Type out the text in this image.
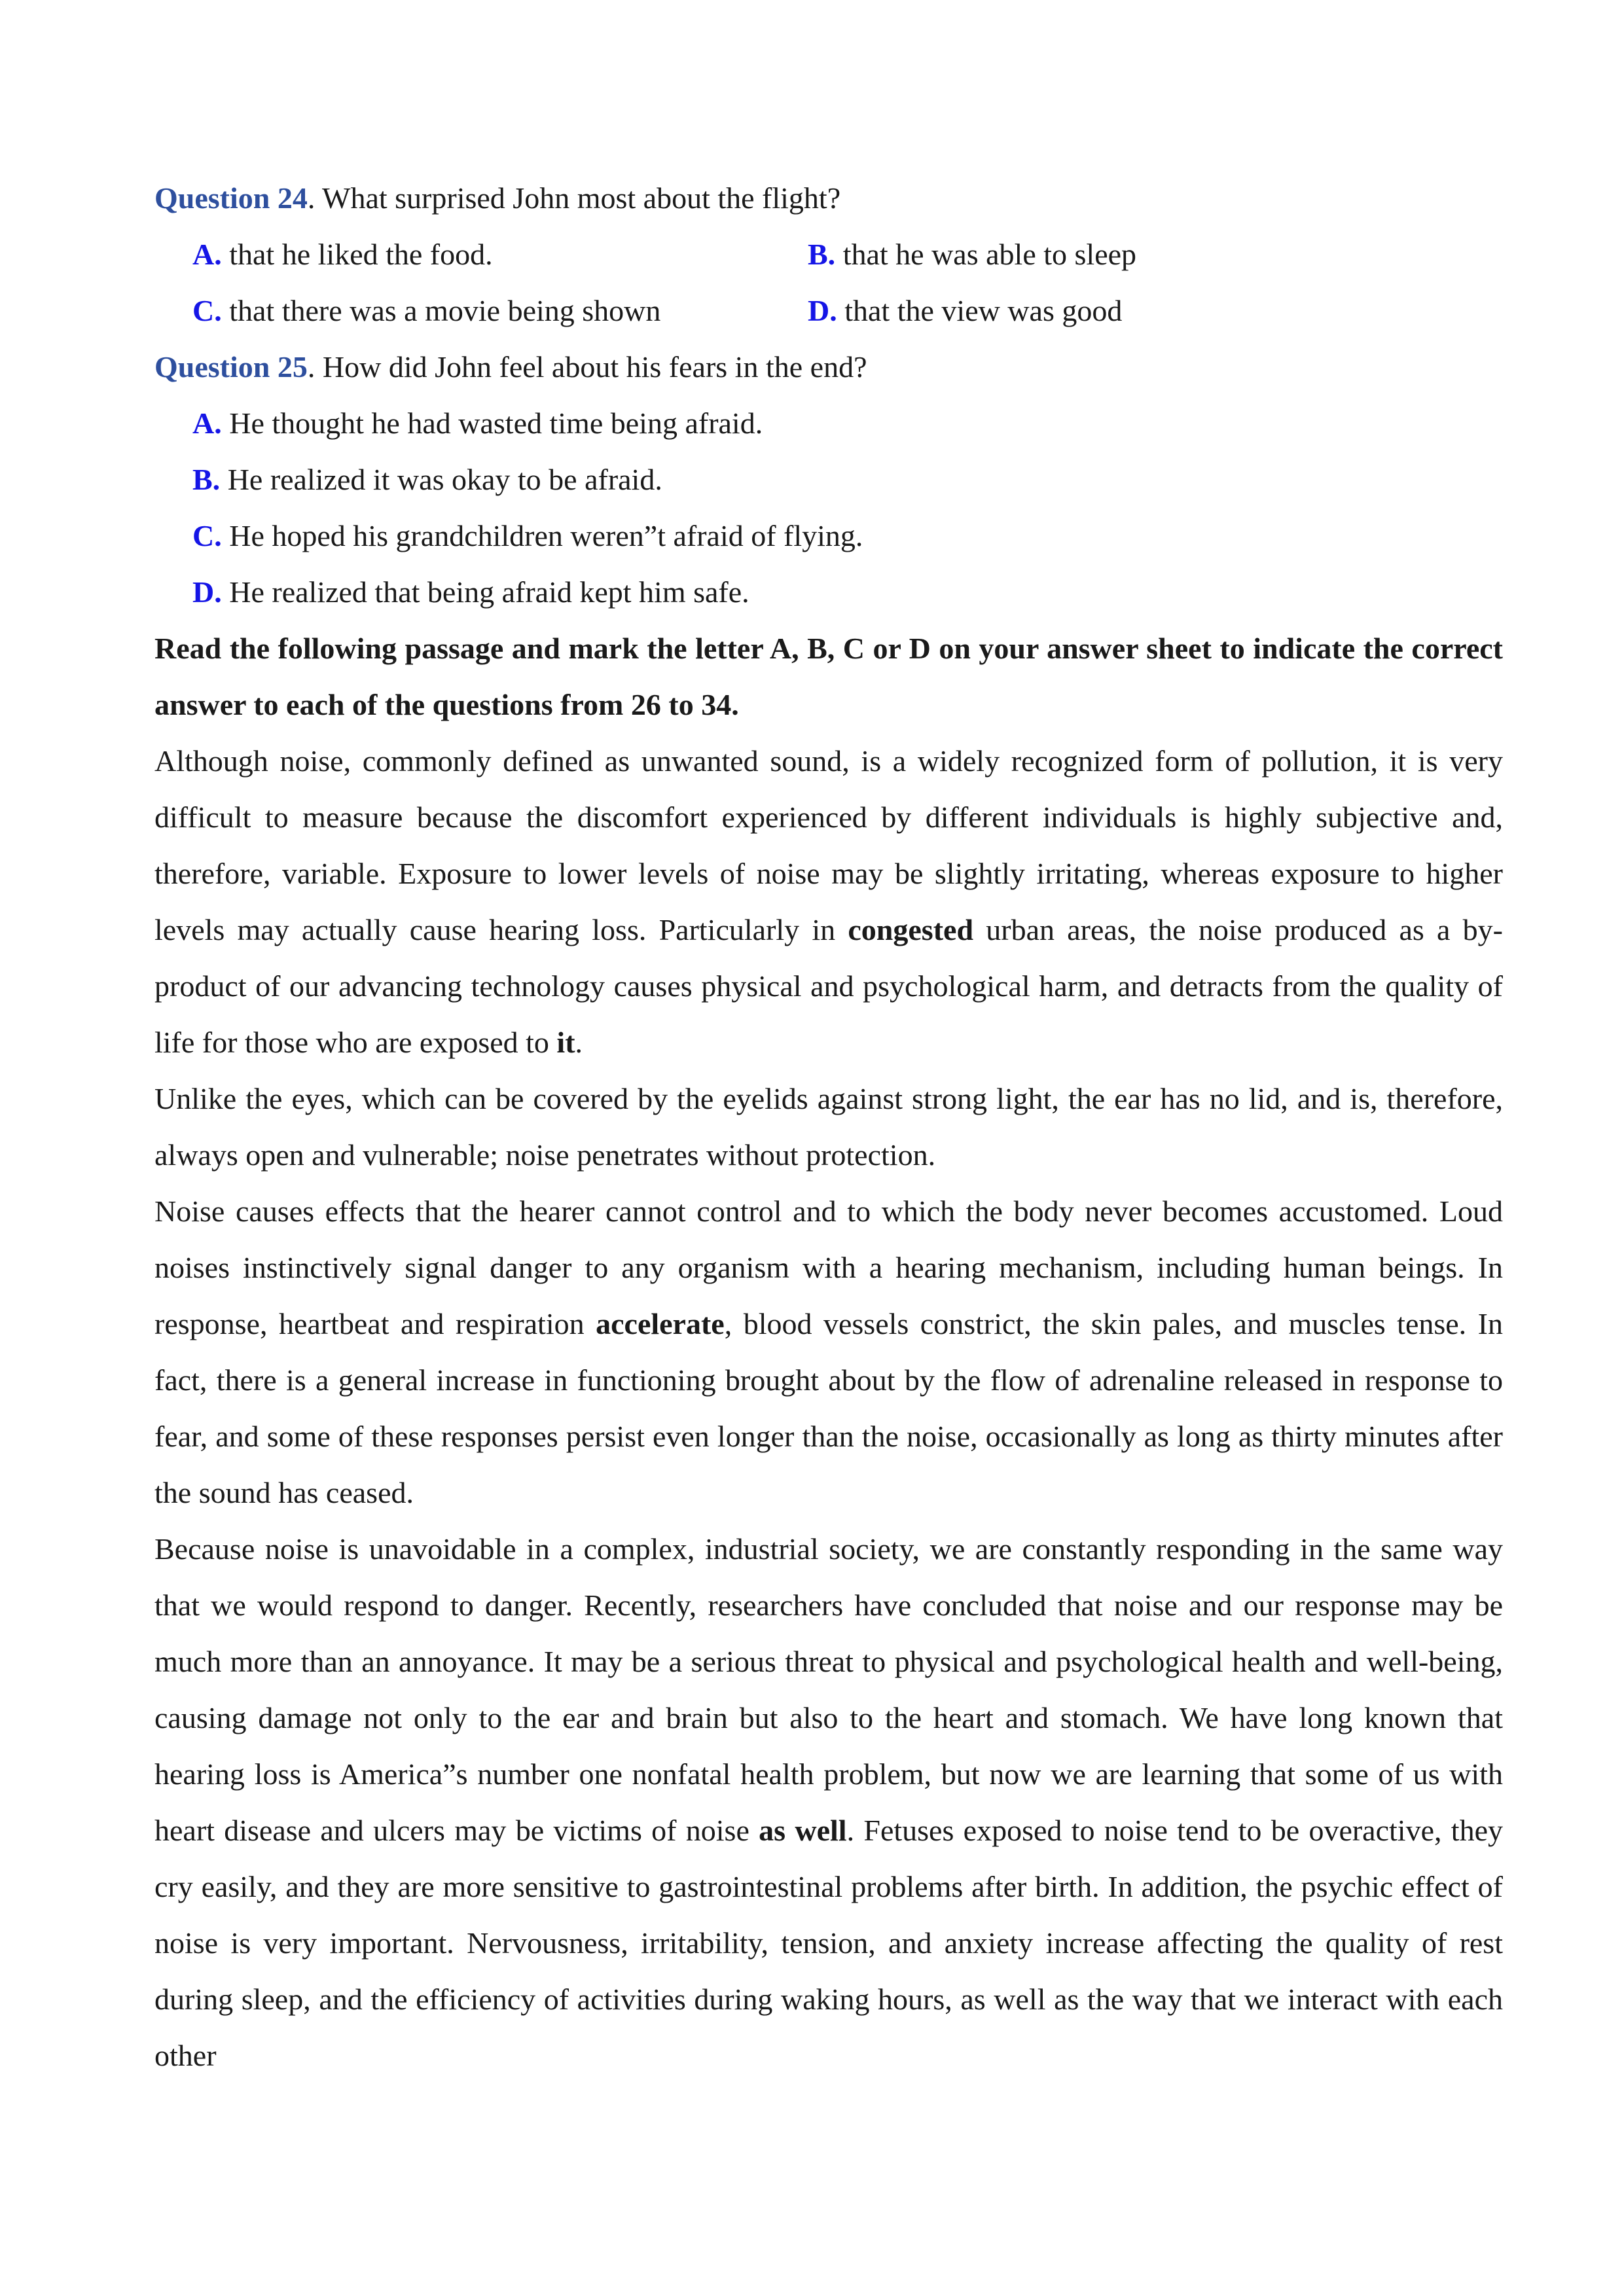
Question 24. What surprised John most about the flight?

A. that he liked the food.	B. that he was able to sleep
C. that there was a movie being shown	D. that the view was good

Question 25. How did John feel about his fears in the end?

A. He thought he had wasted time being afraid.

B. He realized it was okay to be afraid.

C. He hoped his grandchildren weren”t afraid of flying.

D. He realized that being afraid kept him safe.

Read the following passage and mark the letter A, B, C or D on your answer sheet to indicate the correct answer to each of the questions from 26 to 34.

Although noise, commonly defined as unwanted sound, is a widely recognized form of pollution, it is very difficult to measure because the discomfort experienced by different individuals is highly subjective and, therefore, variable. Exposure to lower levels of noise may be slightly irritating, whereas exposure to higher levels may actually cause hearing loss. Particularly in congested urban areas, the noise produced as a by-product of our advancing technology causes physical and psychological harm, and detracts from the quality of life for those who are exposed to it.

Unlike the eyes, which can be covered by the eyelids against strong light, the ear has no lid, and is, therefore, always open and vulnerable; noise penetrates without protection.

Noise causes effects that the hearer cannot control and to which the body never becomes accustomed. Loud noises instinctively signal danger to any organism with a hearing mechanism, including human beings. In response, heartbeat and respiration accelerate, blood vessels constrict, the skin pales, and muscles tense. In fact, there is a general increase in functioning brought about by the flow of adrenaline released in response to fear, and some of these responses persist even longer than the noise, occasionally as long as thirty minutes after the sound has ceased.

Because noise is unavoidable in a complex, industrial society, we are constantly responding in the same way that we would respond to danger. Recently, researchers have concluded that noise and our response may be much more than an annoyance. It may be a serious threat to physical and psychological health and well-being, causing damage not only to the ear and brain but also to the heart and stomach. We have long known that hearing loss is America”s number one nonfatal health problem, but now we are learning that some of us with heart disease and ulcers may be victims of noise as well. Fetuses exposed to noise tend to be overactive, they cry easily, and they are more sensitive to gastrointestinal problems after birth. In addition, the psychic effect of noise is very important. Nervousness, irritability, tension, and anxiety increase affecting the quality of rest during sleep, and the efficiency of activities during waking hours, as well as the way that we interact with each other
